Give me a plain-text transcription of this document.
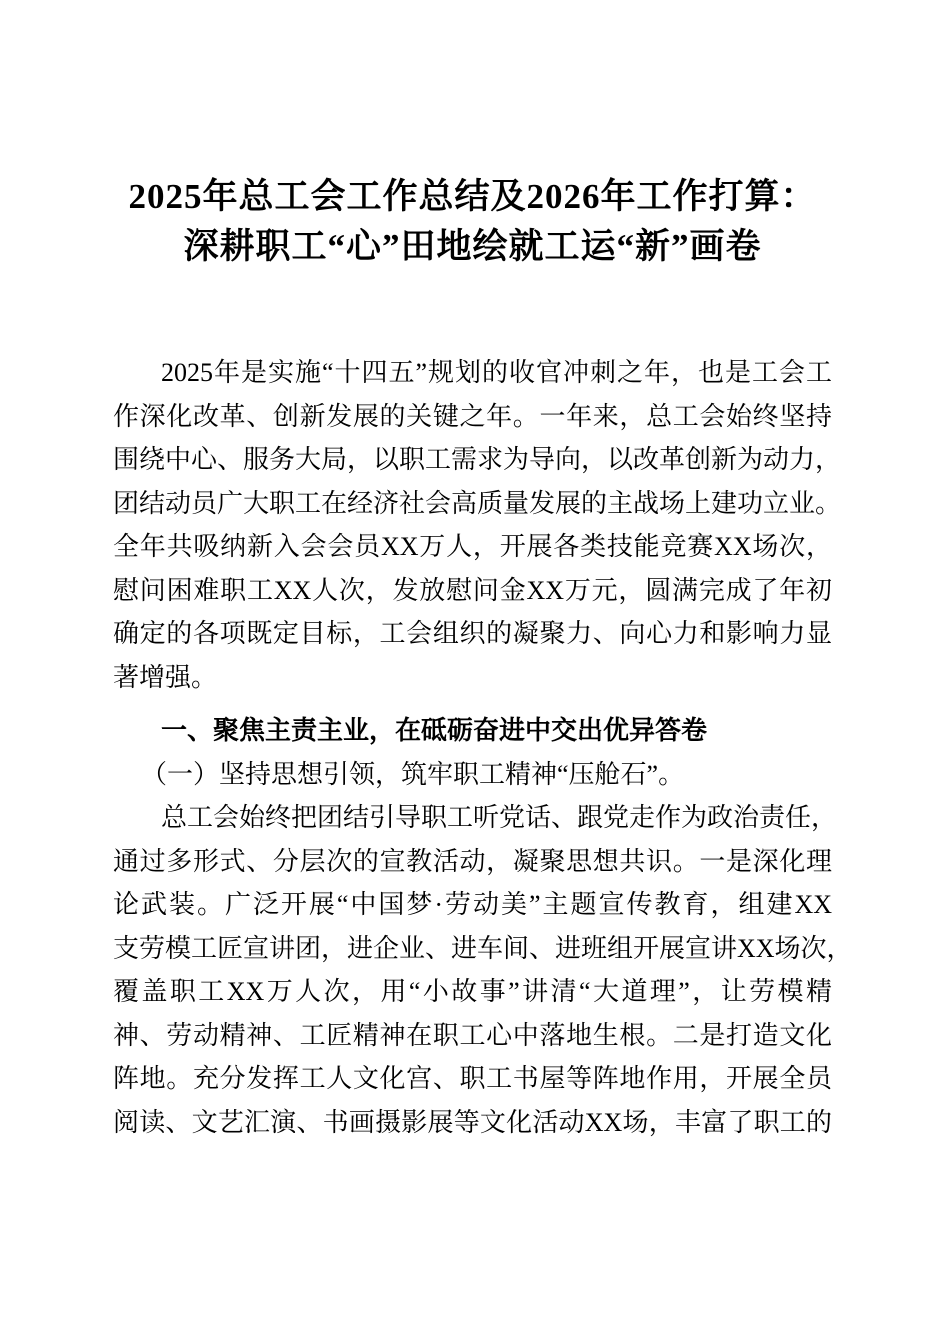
2025年总工会工作总结及2026年工作打算：
深耕职工“心”田地绘就工运“新”画卷
2025年是实施“十四五”规划的收官冲刺之年，也是工会工
作深化改革、创新发展的关键之年。一年来，总工会始终坚持
围绕中心、服务大局，以职工需求为导向，以改革创新为动力，
团结动员广大职工在经济社会高质量发展的主战场上建功立业。
全年共吸纳新入会会员XX万人，开展各类技能竞赛XX场次，
慰问困难职工XX人次，发放慰问金XX万元，圆满完成了年初
确定的各项既定目标，工会组织的凝聚力、向心力和影响力显
著增强。
一、聚焦主责主业，在砥砺奋进中交出优异答卷
（一）坚持思想引领，筑牢职工精神“压舱石”。
总工会始终把团结引导职工听党话、跟党走作为政治责任，
通过多形式、分层次的宣教活动，凝聚思想共识。一是深化理
论武装。广泛开展“中国梦·劳动美”主题宣传教育，组建XX
支劳模工匠宣讲团，进企业、进车间、进班组开展宣讲XX场次，
覆盖职工XX万人次，用“小故事”讲清“大道理”，让劳模精
神、劳动精神、工匠精神在职工心中落地生根。二是打造文化
阵地。充分发挥工人文化宫、职工书屋等阵地作用，开展全员
阅读、文艺汇演、书画摄影展等文化活动XX场，丰富了职工的
